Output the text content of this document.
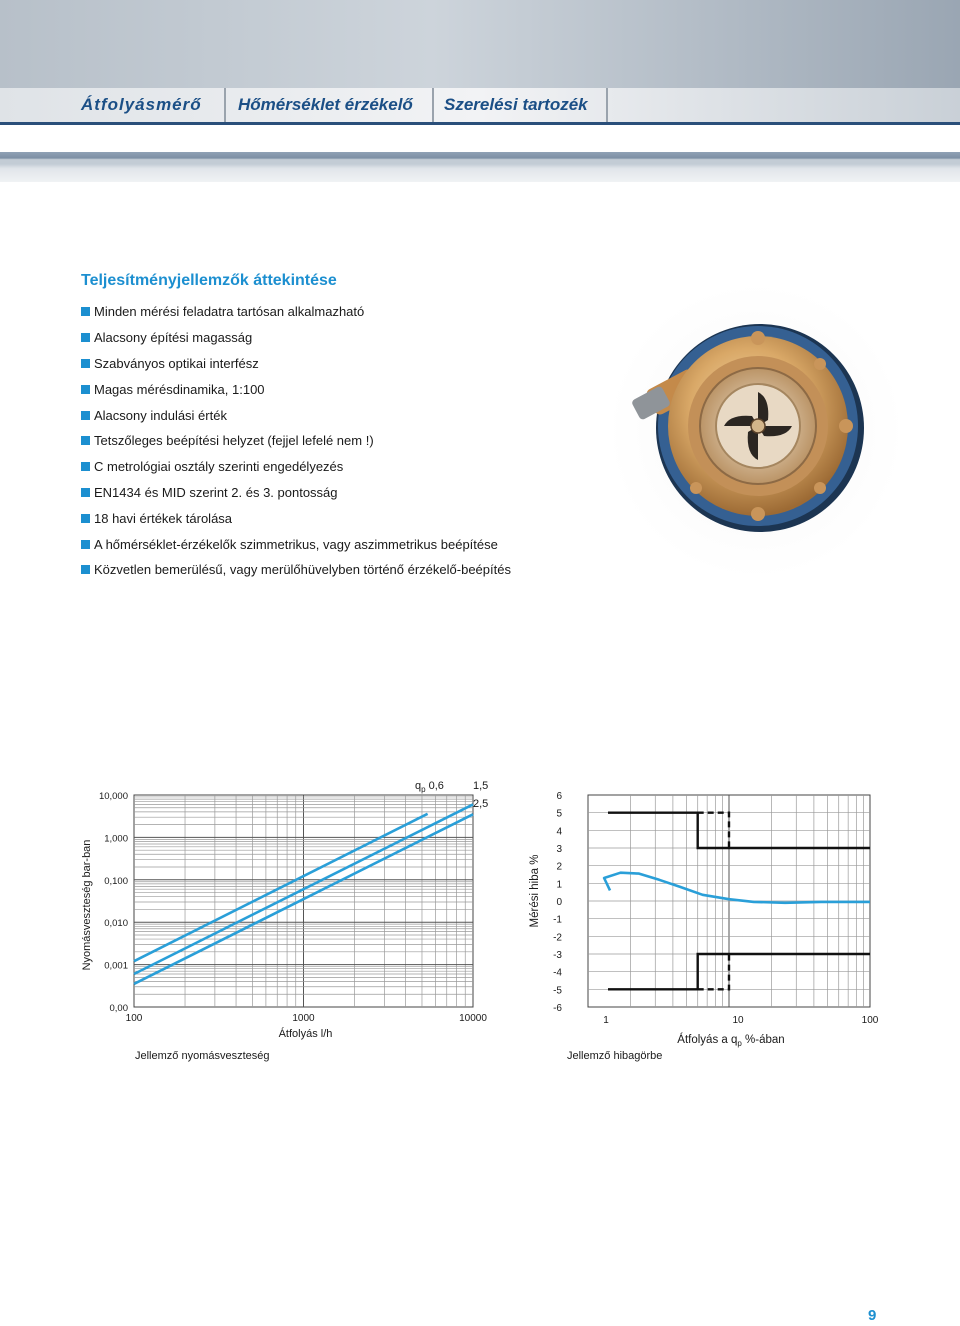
Átfolyásmérő	Hőmérséklet érzékelő	Szerelési tartozék
Teljesítményjellemzők áttekintése
Minden mérési feladatra tartósan alkalmazható
Alacsony építési magasság
Szabványos optikai interfész
Magas mérésdinamika, 1:100
Alacsony indulási érték
Tetszőleges beépítési helyzet (fejjel lefelé nem !)
C metrológiai osztály szerinti engedélyezés
EN1434 és MID szerint 2. és 3. pontosság
18 havi értékek tárolása
A hőmérséklet-érzékelők szimmetrikus, vagy aszimmetrikus beépítése
Közvetlen bemerülésű, vagy merülőhüvelyben történő érzékelő-beépítés
0,00
0,001
0,010
0,100
1,000
10,000
100	1000	10000
Átfolyás l/h
Jellemző nyomásveszteség
Nyomásveszteség bar-ban
$q_p$ 0,6	1,5
2,5
6
5
4
3
2
1
0
-1
-2
-3
-4
-5
-6
1	10	100
Átfolyás a $q_p$ %-ában
Jellemző hibagörbe
Mérési hiba %
9
